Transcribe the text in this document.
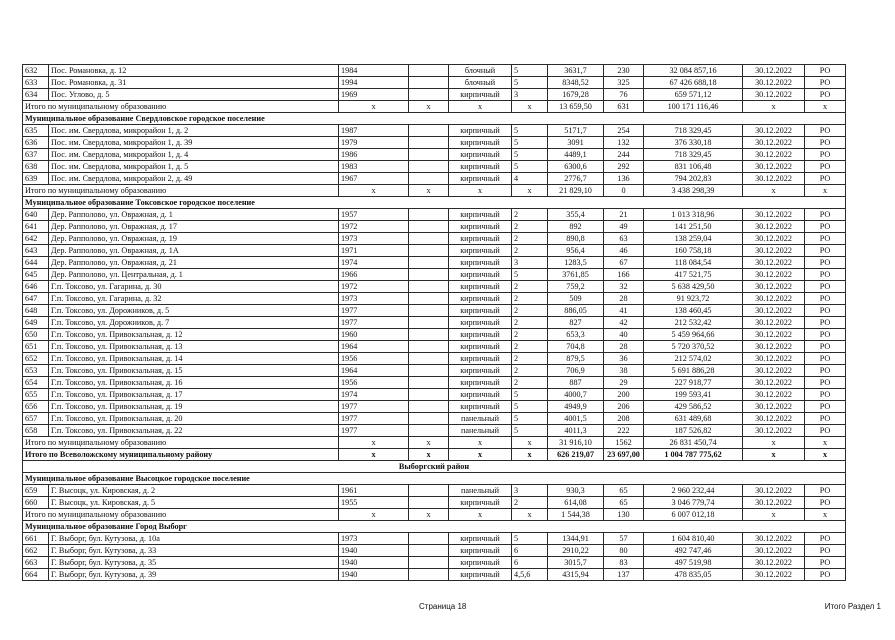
632	Пос. Романовка, д. 12	1984		блочный	5	3631,7	230	32 084 857,16	30.12.2022	РО
633	Пос. Романовка, д. 31	1994		блочный	5	8348,52	325	67 426 688,18	30.12.2022	РО
634	Пос. Углово, д. 5	1969		кирпичный	3	1679,28	76	659 571,12	30.12.2022	РО
Итого по муниципальному образованию		x	x	x	x	13 659,50	631	100 171 116,46	x	x
Муниципальное образование Свердловское городское поселение										
635	Пос. им. Свердлова, микрорайон 1, д. 2	1987		кирпичный	5	5171,7	254	718 329,45	30.12.2022	РО
636	Пос. им. Свердлова, микрорайон 1, д. 39	1979		кирпичный	5	3091	132	376 330,18	30.12.2022	РО
637	Пос. им. Свердлова, микрорайон 1, д. 4	1986		кирпичный	5	4489,1	244	718 329,45	30.12.2022	РО
638	Пос. им. Свердлова, микрорайон 1, д. 5	1983		кирпичный	5	6300,6	292	831 106,48	30.12.2022	РО
639	Пос. им. Свердлова, микрорайон 2, д. 49	1967		кирпичный	4	2776,7	136	794 202,83	30.12.2022	РО
Итого по муниципальному образованию		x	x	x	x	21 829,10	0	3 438 298,39	x	x
Муниципальное образование Токсовское городское поселение										
640	Дер. Рапполово, ул. Овражная, д. 1	1957		кирпичный	2	355,4	21	1 013 318,96	30.12.2022	РО
641	Дер. Рапполово, ул. Овражная, д. 17	1972		кирпичный	2	892	49	141 251,50	30.12.2022	РО
642	Дер. Рапполово, ул. Овражная, д. 19	1973		кирпичный	2	890,8	63	138 259,04	30.12.2022	РО
643	Дер. Рапполово, ул. Овражная, д. 1А	1971		кирпичный	2	956,4	46	160 758,18	30.12.2022	РО
644	Дер. Рапполово, ул. Овражная, д. 21	1974		кирпичный	3	1283,5	67	118 084,54	30.12.2022	РО
645	Дер. Рапполово, ул. Центральная, д. 1	1966		кирпичный	5	3761,85	166	417 521,75	30.12.2022	РО
646	Г.п. Токсово, ул. Гагарина, д. 30	1972		кирпичный	2	759,2	32	5 638 429,50	30.12.2022	РО
647	Г.п. Токсово, ул. Гагарина, д. 32	1973		кирпичный	2	509	28	91 923,72	30.12.2022	РО
648	Г.п. Токсово, ул. Дорожников, д. 5	1977		кирпичный	2	886,05	41	138 460,45	30.12.2022	РО
649	Г.п. Токсово, ул. Дорожников, д. 7	1977		кирпичный	2	827	42	212 532,42	30.12.2022	РО
650	Г.п. Токсово, ул. Привокзальная, д. 12	1960		кирпичный	2	653,3	40	5 459 964,66	30.12.2022	РО
651	Г.п. Токсово, ул. Привокзальная, д. 13	1964		кирпичный	2	704,8	28	5 720 370,52	30.12.2022	РО
652	Г.п. Токсово, ул. Привокзальная, д. 14	1956		кирпичный	2	879,5	36	212 574,02	30.12.2022	РО
653	Г.п. Токсово, ул. Привокзальная, д. 15	1964		кирпичный	2	706,9	38	5 691 886,28	30.12.2022	РО
654	Г.п. Токсово, ул. Привокзальная, д. 16	1956		кирпичный	2	887	29	227 918,77	30.12.2022	РО
655	Г.п. Токсово, ул. Привокзальная, д. 17	1974		кирпичный	5	4000,7	200	199 593,41	30.12.2022	РО
656	Г.п. Токсово, ул. Привокзальная, д. 19	1977		кирпичный	5	4949,9	206	429 586,52	30.12.2022	РО
657	Г.п. Токсово, ул. Привокзальная, д. 20	1977		панельный	5	4001,5	208	631 489,68	30.12.2022	РО
658	Г.п. Токсово, ул. Привокзальная, д. 22	1977		панельный	5	4011,3	222	187 526,82	30.12.2022	РО
Итого по муниципальному образованию		x	x	x	x	31 916,10	1562	26 831 450,74	x	x
Итого по Всеволожскому муниципальному району		x	x	x	x	626 219,07	23 697,00	1 004 787 775,62	x	x
Выборгский район										
Муниципальное образование Высоцкое городское поселение										
659	Г. Высоцк, ул. Кировская, д. 2	1961		панельный	3	930,3	65	2 960 232,44	30.12.2022	РО
660	Г. Высоцк, ул. Кировская, д. 5	1955		кирпичный	2	614,08	65	3 046 779,74	30.12.2022	РО
Итого по муниципальному образованию		x	x	x	x	1 544,38	130	6 007 012,18	x	x
Муниципальное образование Город Выборг										
661	Г. Выборг, бул. Кутузова, д. 10а	1973		кирпичный	5	1344,91	57	1 604 810,40	30.12.2022	РО
662	Г. Выборг, бул. Кутузова, д. 33	1940		кирпичный	6	2910,22	80	492 747,46	30.12.2022	РО
663	Г. Выборг, бул. Кутузова, д. 35	1940		кирпичный	6	3015,7	83	497 519,98	30.12.2022	РО
664	Г. Выборг, бул. Кутузова, д. 39	1940		кирпичный	4,5,6	4315,94	137	478 835,05	30.12.2022	РО
Страница 18	Итого Раздел 1
